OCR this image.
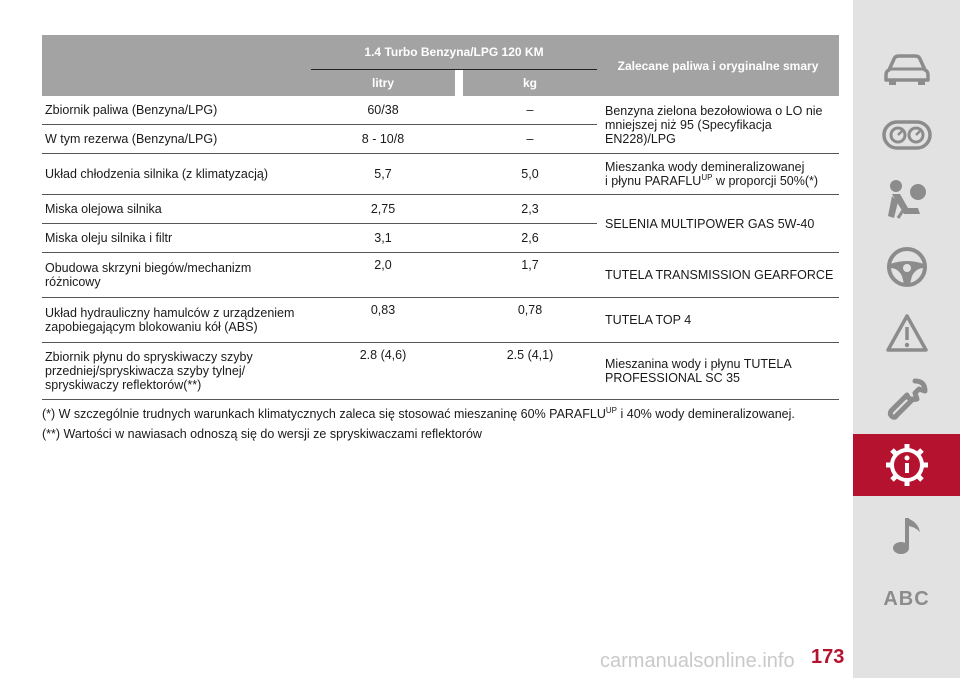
	1.4 Turbo Benzyna/LPG 120 KM			Zalecane paliwa i oryginalne smary
	litry		kg	
Zbiornik paliwa (Benzyna/LPG)	60/38		–	Benzyna zielona bezołowiowa o LO nie mniejszej niż 95 (Specyfikacja EN228)/LPG
W tym rezerwa (Benzyna/LPG)	8 - 10/8		–	
Układ chłodzenia silnika (z klimatyzacją)	5,7		5,0	Mieszanka wody demineralizowanej
i płynu $PARAFLU^{UP}$ w proporcji 50%(*)
Miska olejowa silnika	2,75		2,3	SELENIA MULTIPOWER GAS 5W-40
Miska oleju silnika i filtr	3,1		2,6	
Obudowa skrzyni biegów/mechanizm różnicowy	2,0		1,7	TUTELA TRANSMISSION GEARFORCE
Układ hydrauliczny hamulców z urządzeniem zapobiegającym blokowaniu kół (ABS)	0,83		0,78	TUTELA TOP 4
Zbiornik płynu do spryskiwaczy szyby przedniej/spryskiwacza szyby tylnej/ spryskiwaczy reflektorów(**)	2.8 (4,6)		2.5 (4,1)	Mieszanina wody i płynu TUTELA PROFESSIONAL SC 35
(*) W szczególnie trudnych warunkach klimatycznych zaleca się stosować mieszaninę 60% $PARAFLU^{UP}$ i 40% wody demineralizowanej.
(**) Wartości w nawiasach odnoszą się do wersji ze spryskiwaczami reflektorów
ABC
carmanualsonline.info 173
